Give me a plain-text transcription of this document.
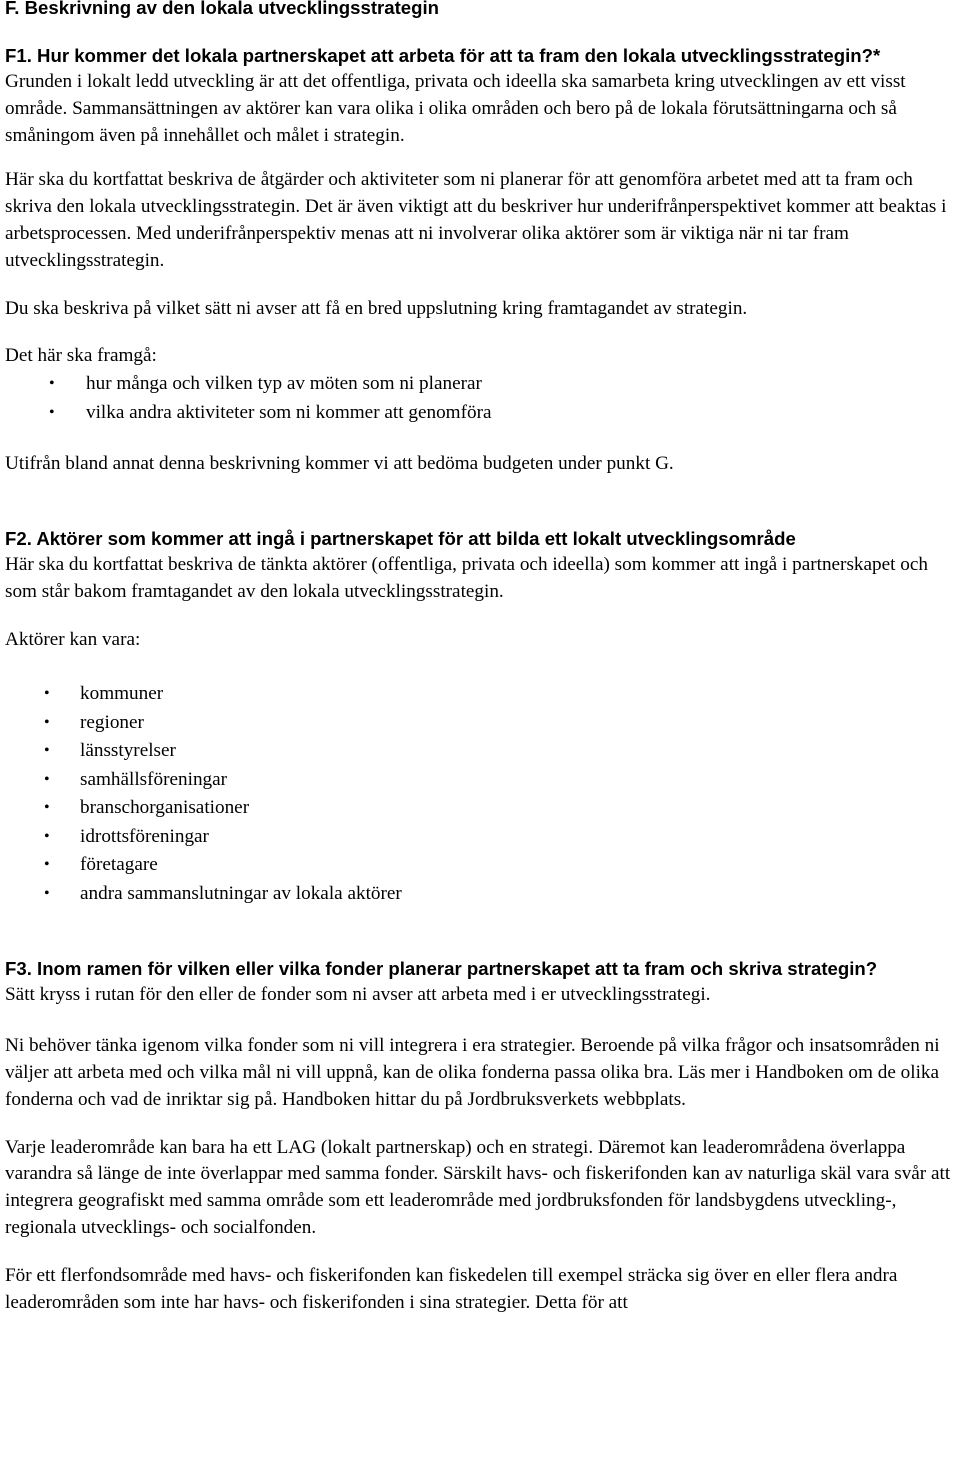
F. Beskrivning av den lokala utvecklingsstrategin

F1. Hur kommer det lokala partnerskapet att arbeta för att ta fram den lokala utvecklingsstrategin?*

Grunden i lokalt ledd utveckling är att det offentliga, privata och ideella ska samarbeta kring utvecklingen av ett visst område. Sammansättningen av aktörer kan vara olika i olika områden och bero på de lokala förutsättningarna och så småningom även på innehållet och målet i strategin.

Här ska du kortfattat beskriva de åtgärder och aktiviteter som ni planerar för att genomföra arbetet med att ta fram och skriva den lokala utvecklingsstrategin. Det är även viktigt att du beskriver hur underifrånperspektivet kommer att beaktas i arbetsprocessen. Med underifrånperspektiv menas att ni involverar olika aktörer som är viktiga när ni tar fram utvecklingsstrategin.

Du ska beskriva på vilket sätt ni avser att få en bred uppslutning kring framtagandet av strategin.

Det här ska framgå:

• hur många och vilken typ av möten som ni planerar
• vilka andra aktiviteter som ni kommer att genomföra

Utifrån bland annat denna beskrivning kommer vi att bedöma budgeten under punkt G.

F2. Aktörer som kommer att ingå i partnerskapet för att bilda ett lokalt utvecklingsområde

Här ska du kortfattat beskriva de tänkta aktörer (offentliga, privata och ideella) som kommer att ingå i partnerskapet och som står bakom framtagandet av den lokala utvecklingsstrategin.

Aktörer kan vara:

• kommuner
• regioner
• länsstyrelser
• samhällsföreningar
• branschorganisationer
• idrottsföreningar
• företagare
• andra sammanslutningar av lokala aktörer

F3. Inom ramen för vilken eller vilka fonder planerar partnerskapet att ta fram och skriva strategin?

Sätt kryss i rutan för den eller de fonder som ni avser att arbeta med i er utvecklingsstrategi.

Ni behöver tänka igenom vilka fonder som ni vill integrera i era strategier. Beroende på vilka frågor och insatsområden ni väljer att arbeta med och vilka mål ni vill uppnå, kan de olika fonderna passa olika bra. Läs mer i Handboken om de olika fonderna och vad de inriktar sig på. Handboken hittar du på Jordbruksverkets webbplats.

Varje leaderområde kan bara ha ett LAG (lokalt partnerskap) och en strategi. Däremot kan leaderområdena överlappa varandra så länge de inte överlappar med samma fonder. Särskilt havs- och fiskerifonden kan av naturliga skäl vara svår att integrera geografiskt med samma område som ett leaderområde med jordbruksfonden för landsbygdens utveckling-, regionala utvecklings- och socialfonden.

För ett flerfondsområde med havs- och fiskerifonden kan fiskedelen till exempel sträcka sig över en eller flera andra leaderområden som inte har havs- och fiskerifonden i sina strategier. Detta för att
